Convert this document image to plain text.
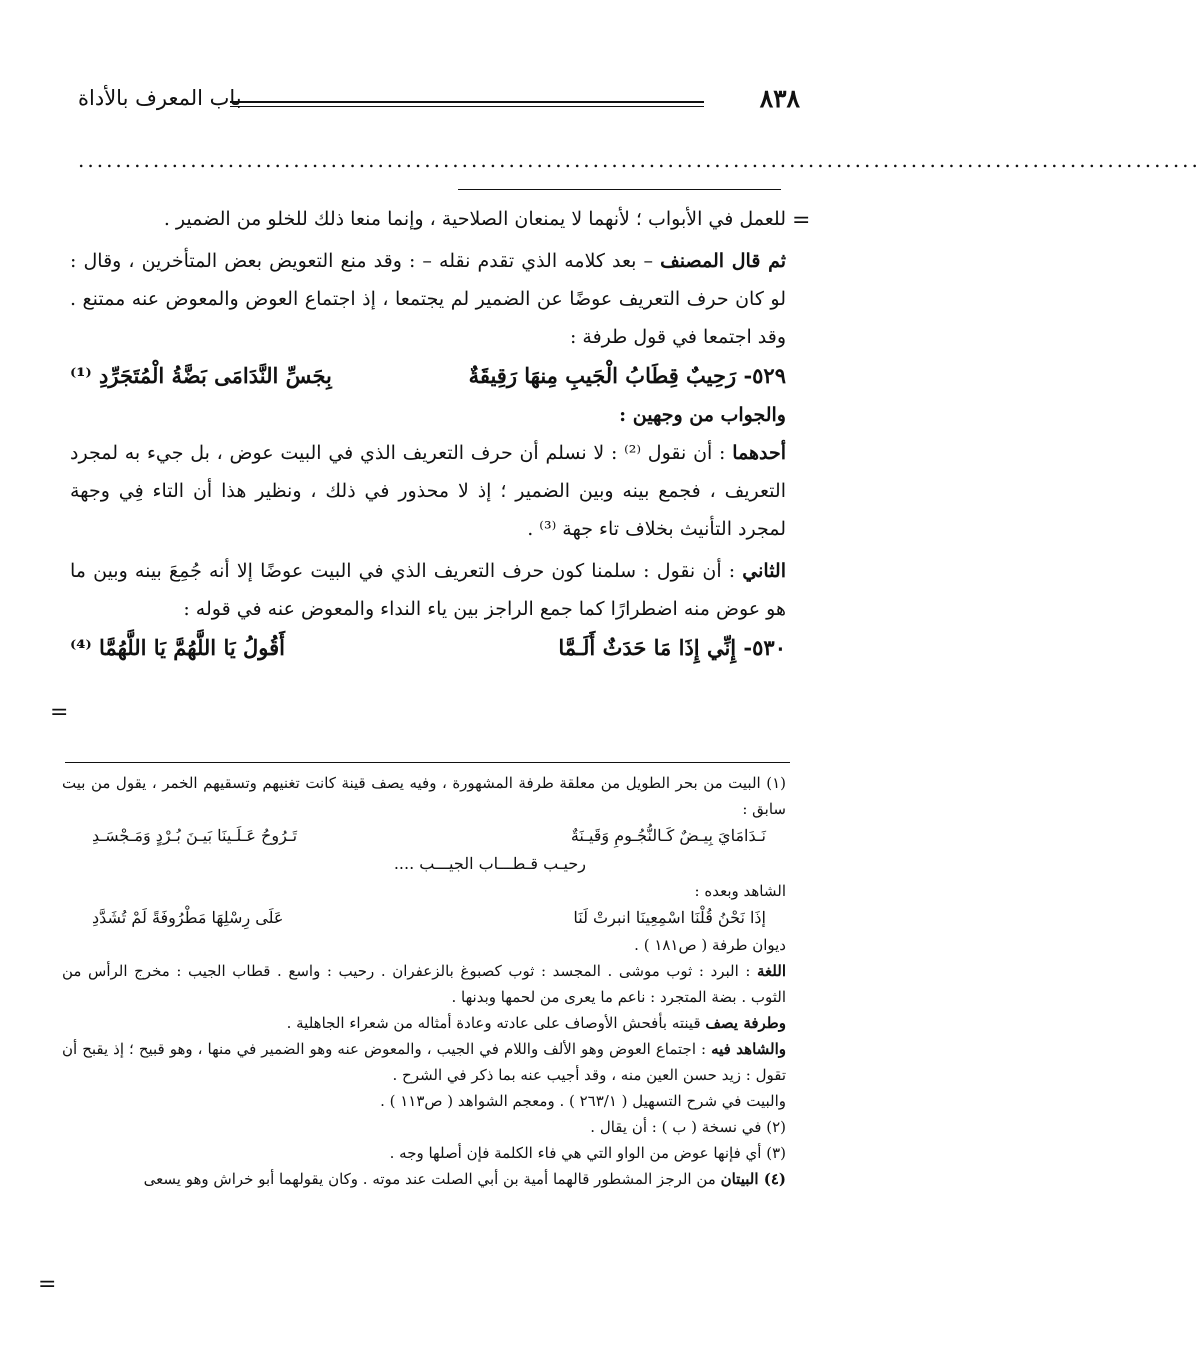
٨٣٨
باب المعرف بالأداة
........................................................................................................................
=

للعمل في الأبواب ؛ لأنهما لا يمنعان الصلاحية ، وإنما منعا ذلك للخلو من الضمير .

ثم قال المصنف – بعد كلامه الذي تقدم نقله – : وقد منع التعويض بعض المتأخرين ، وقال : لو كان حرف التعريف عوضًا عن الضمير لم يجتمعا ، إذ اجتماع العوض والمعوض عنه ممتنع . وقد اجتمعا في قول طرفة :

٥٢٩- رَحِيبٌ قِطَابُ الْجَيبِ مِنهَا رَقِيقَةٌ
بِجَسِّ النَّدَامَى بَضَّةُ الْمُتَجَرِّدِ ⁽¹⁾

والجواب من وجهين :

أحدهما : أن نقول ⁽²⁾ : لا نسلم أن حرف التعريف الذي في البيت عوض ، بل جيء به لمجرد التعريف ، فجمع بينه وبين الضمير ؛ إذ لا محذور في ذلك ، ونظير هذا أن التاء فِي وجهة لمجرد التأنيث بخلاف تاء جهة ⁽³⁾ .

الثاني : أن نقول : سلمنا كون حرف التعريف الذي في البيت عوضًا إلا أنه جُمِعَ بينه وبين ما هو عوض منه اضطرارًا كما جمع الراجز بين ياء النداء والمعوض عنه في قوله :

٥٣٠- إِنِّي إِذَا مَا حَدَثٌ أَلَـمَّا
أَقُولُ يَا اللَّهُمَّ يَا اللَّهُمَّا ⁽⁴⁾
=

(١) البيت من بحر الطويل من معلقة طرفة المشهورة ، وفيه يصف قينة كانت تغنيهم وتسقيهم الخمر ، يقول من بيت سابق :

نَـدَامَايَ بِيـضٌ كَـالنُّجُـومِ وَقَيـنَةٌ
تَـرُوحُ عَـلَـينَا بَيـنَ بُـرْدٍ وَمَـجْسَـدِ

رحيـب قـطـــاب الجيـــب ....

الشاهد وبعده :

إذَا نَحْنُ قُلْنَا اسْمِعِينَا انبرتْ لَنَا
عَلَى رِسْلِهَا مَطْرُوفَةً لَمْ تُشَدَّدِ

ديوان طرفة ( ص١٨١ ) .

اللغة : البرد : ثوب موشى . المجسد : ثوب كصبوغ بالزعفران . رحيب : واسع . قطاب الجيب : مخرج الرأس من الثوب . بضة المتجرد : ناعم ما يعرى من لحمها وبدنها .

وطرفة يصف قينته بأفحش الأوصاف على عادته وعادة أمثاله من شعراء الجاهلية .

والشاهد فيه : اجتماع العوض وهو الألف واللام في الجيب ، والمعوض عنه وهو الضمير في منها ، وهو قبيح ؛ إذ يقبح أن تقول : زيد حسن العين منه ، وقد أجيب عنه بما ذكر في الشرح .

والبيت في شرح التسهيل ( ٢٦٣/١ ) . ومعجم الشواهد ( ص١١٣ ) .

(٢) في نسخة ( ب ) : أن يقال .

(٣) أي فإنها عوض من الواو التي هي فاء الكلمة فإن أصلها وجه .

(٤) البيتان من الرجز المشطور قالهما أمية بن أبي الصلت عند موته . وكان يقولهما أبو خراش وهو يسعى

=
